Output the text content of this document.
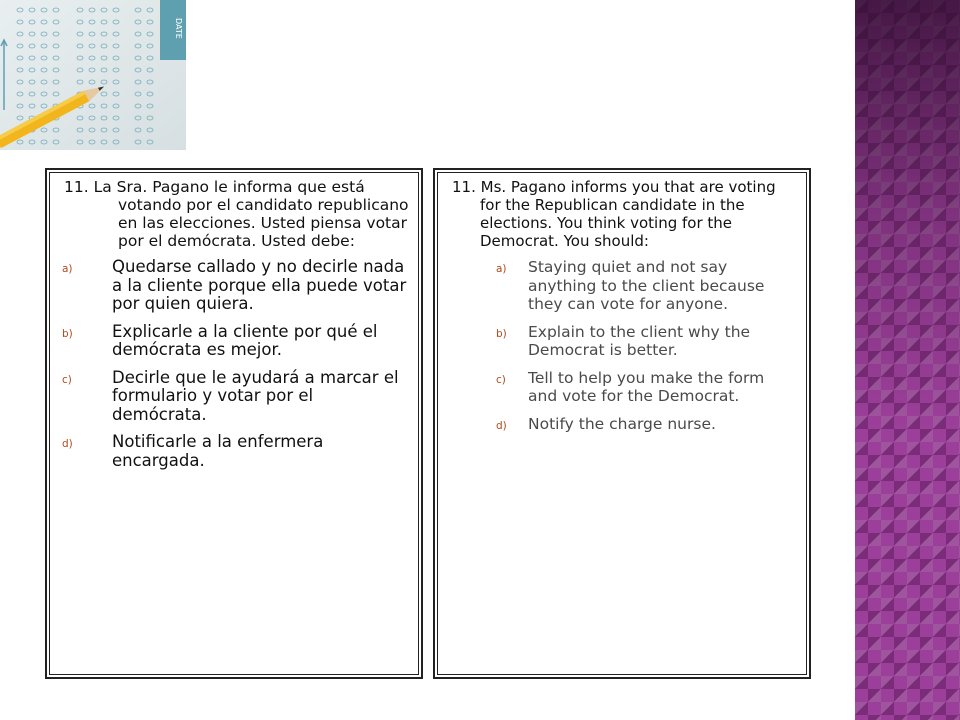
DATE

11. La Sra. Pagano le informa que está votando por el candidato republicano en las elecciones. Usted piensa votar por el demócrata. Usted debe:

a)	Quedarse callado y no decirle nada a la cliente porque ella puede votar por quien quiera.
b)	Explicarle a la cliente por qué el demócrata es mejor.
c)	Decirle que le ayudará a marcar el formulario y votar por el demócrata.
d)	Notificarle a la enfermera encargada.

11. Ms. Pagano informs you that are voting for the Republican candidate in the elections. You think voting for the Democrat. You should:

a)	Staying quiet and not say anything to the client because they can vote for anyone.
b)	Explain to the client why the Democrat is better.
c)	Tell to help you make the form and vote for the Democrat.
d)	Notify the charge nurse.
